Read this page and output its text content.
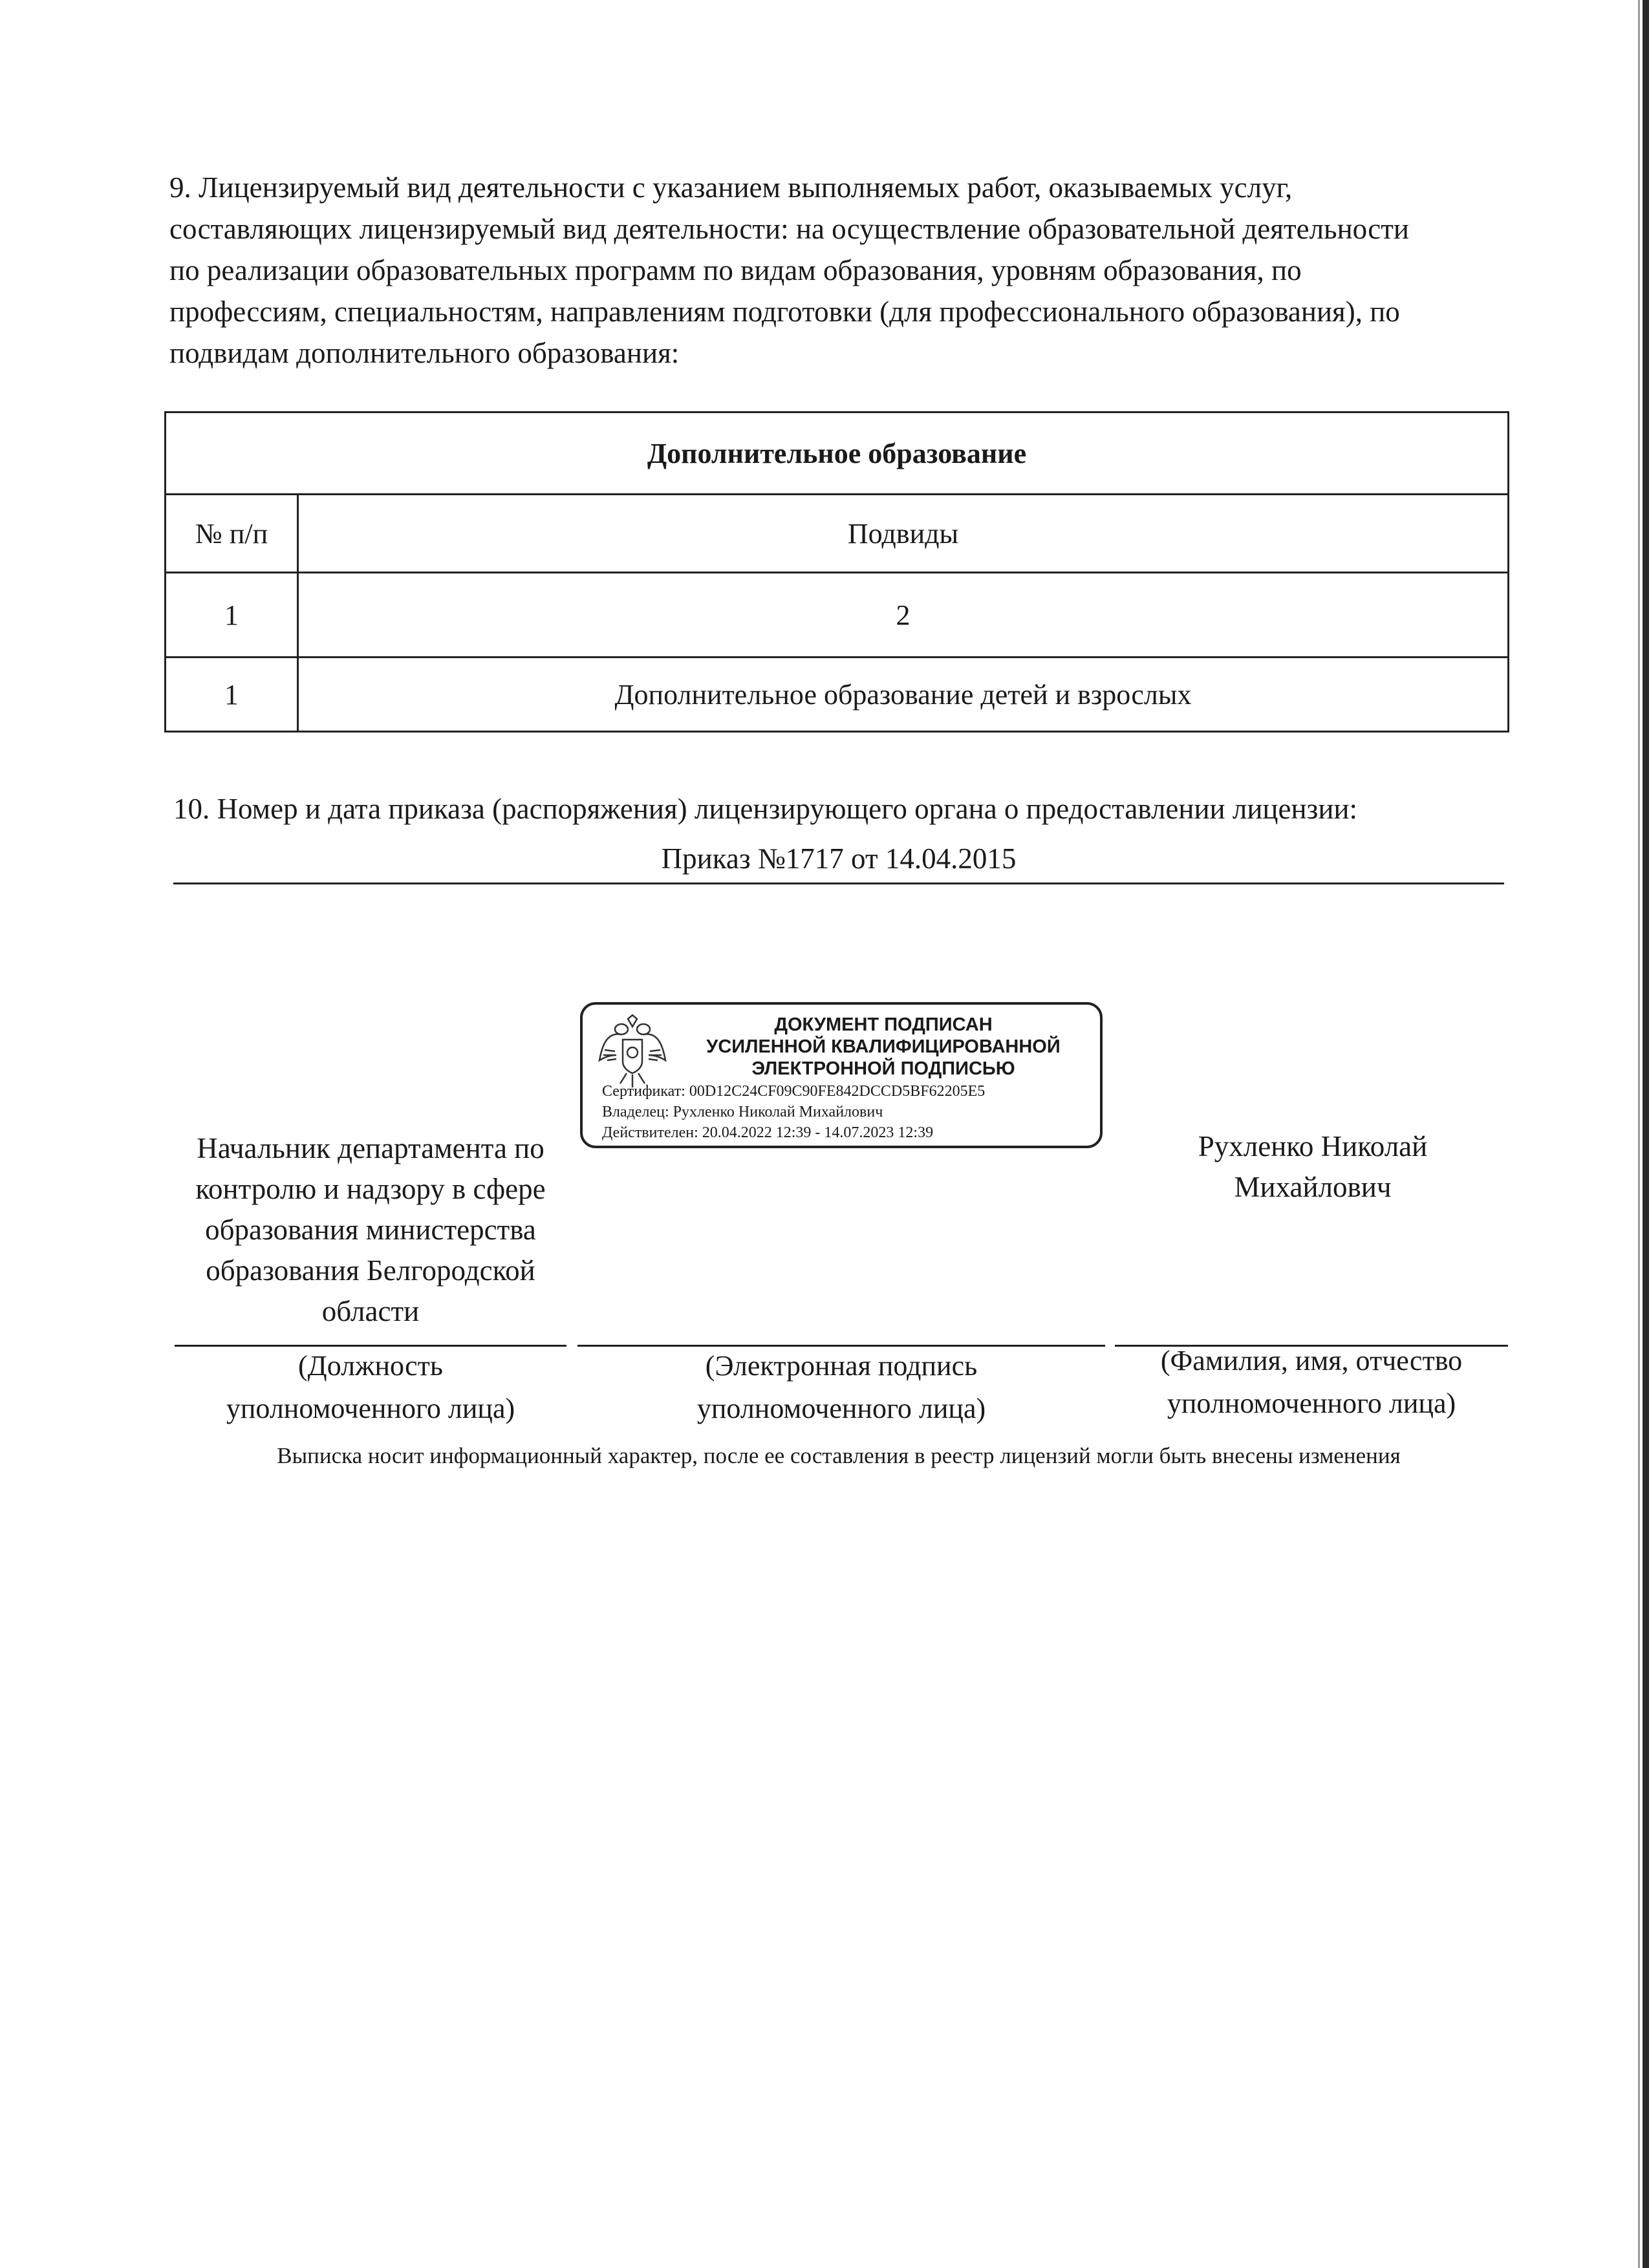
9. Лицензируемый вид деятельности с указанием выполняемых работ, оказываемых услуг,
составляющих лицензируемый вид деятельности: на осуществление образовательной деятельности
по реализации образовательных программ по видам образования, уровням образования, по
профессиям, специальностям, направлениям подготовки (для профессионального образования), по
подвидам дополнительного образования:
Дополнительное образование	
№ п/п	Подвиды
1	2
1	Дополнительное образование детей и взрослых
10. Номер и дата приказа (распоряжения) лицензирующего органа о предоставлении лицензии:
Приказ №1717 от 14.04.2015
ДОКУМЕНТ ПОДПИСАН
УСИЛЕННОЙ КВАЛИФИЦИРОВАННОЙ
ЭЛЕКТРОННОЙ ПОДПИСЬЮ
Сертификат: 00D12C24CF09C90FE842DCCD5BF62205E5
Владелец: Рухленко Николай Михайлович
Действителен: 20.04.2022 12:39 - 14.07.2023 12:39
Начальник департамента по
контролю и надзору в сфере
образования министерства
образования Белгородской
области
Рухленко Николай
Михайлович
(Должность
уполномоченного лица)
(Электронная подпись
уполномоченного лица)
(Фамилия, имя, отчество
уполномоченного лица)
Выписка носит информационный характер, после ее составления в реестр лицензий могли быть внесены изменения
